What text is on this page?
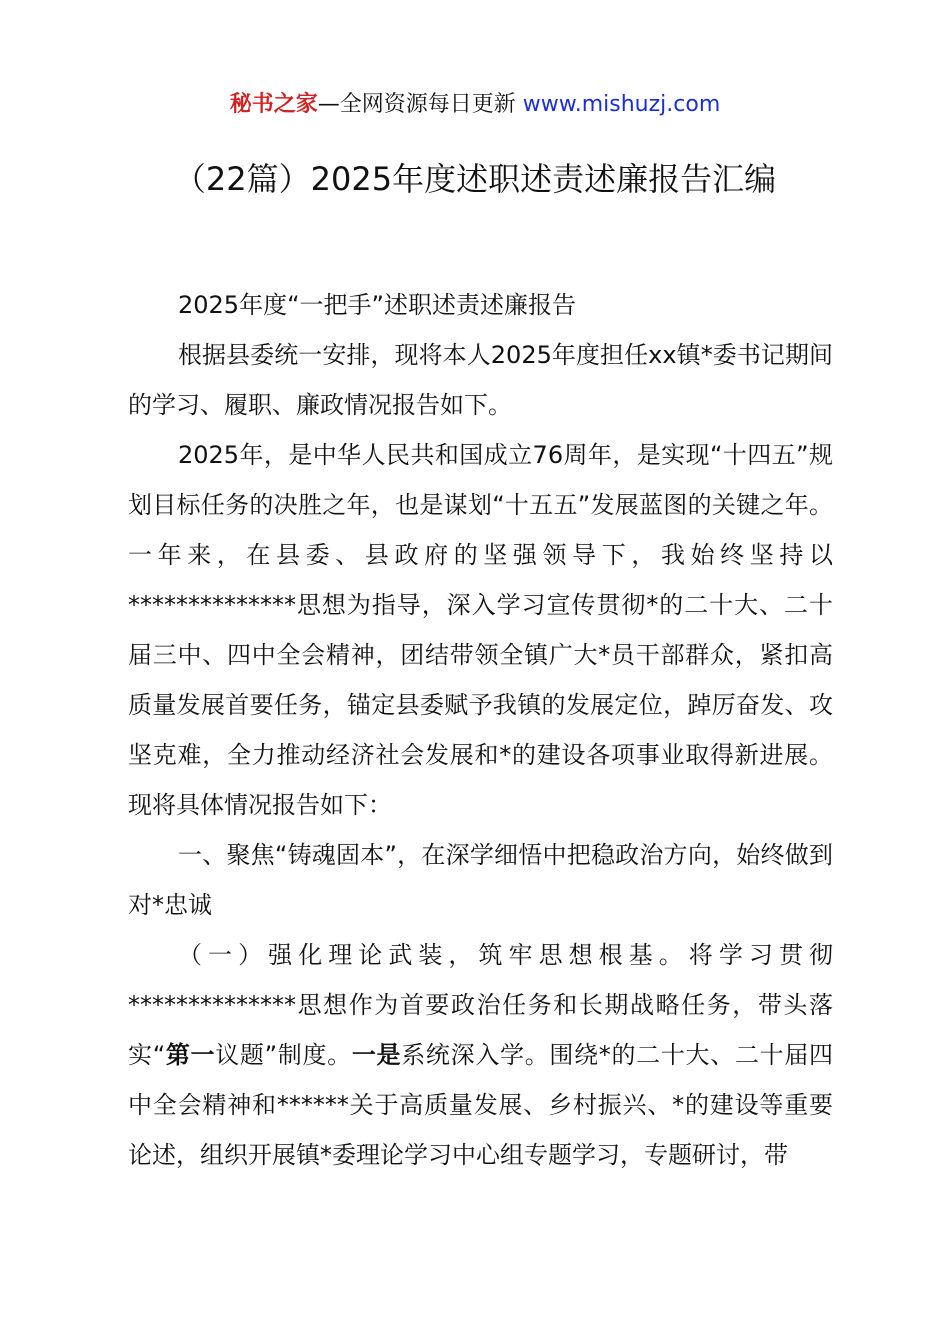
秘书之家—全网资源每日更新 www.mishuzj.com
（22篇）2025年度述职述责述廉报告汇编

2025年度“一把手”述职述责述廉报告

根据县委统一安排，现将本人2025年度担任xx镇*委书记期间的学习、履职、廉政情况报告如下。

2025年，是中华人民共和国成立76周年，是实现“十四五”规划目标任务的决胜之年，也是谋划“十五五”发展蓝图的关键之年。一年来，在县委、县政府的坚强领导下，我始终坚持以**************思想为指导，深入学习宣传贯彻*的二十大、二十届三中、四中全会精神，团结带领全镇广大*员干部群众，紧扣高质量发展首要任务，锚定县委赋予我镇的发展定位，踔厉奋发、攻坚克难，全力推动经济社会发展和*的建设各项事业取得新进展。现将具体情况报告如下：

一、聚焦“铸魂固本”，在深学细悟中把稳政治方向，始终做到对*忠诚

（一）强化理论武装，筑牢思想根基。将学习贯彻**************思想作为首要政治任务和长期战略任务，带头落实“第一议题”制度。一是系统深入学。围绕*的二十大、二十届四中全会精神和******关于高质量发展、乡村振兴、*的建设等重要论述，组织开展镇*委理论学习中心组专题学习，专题研讨，带
